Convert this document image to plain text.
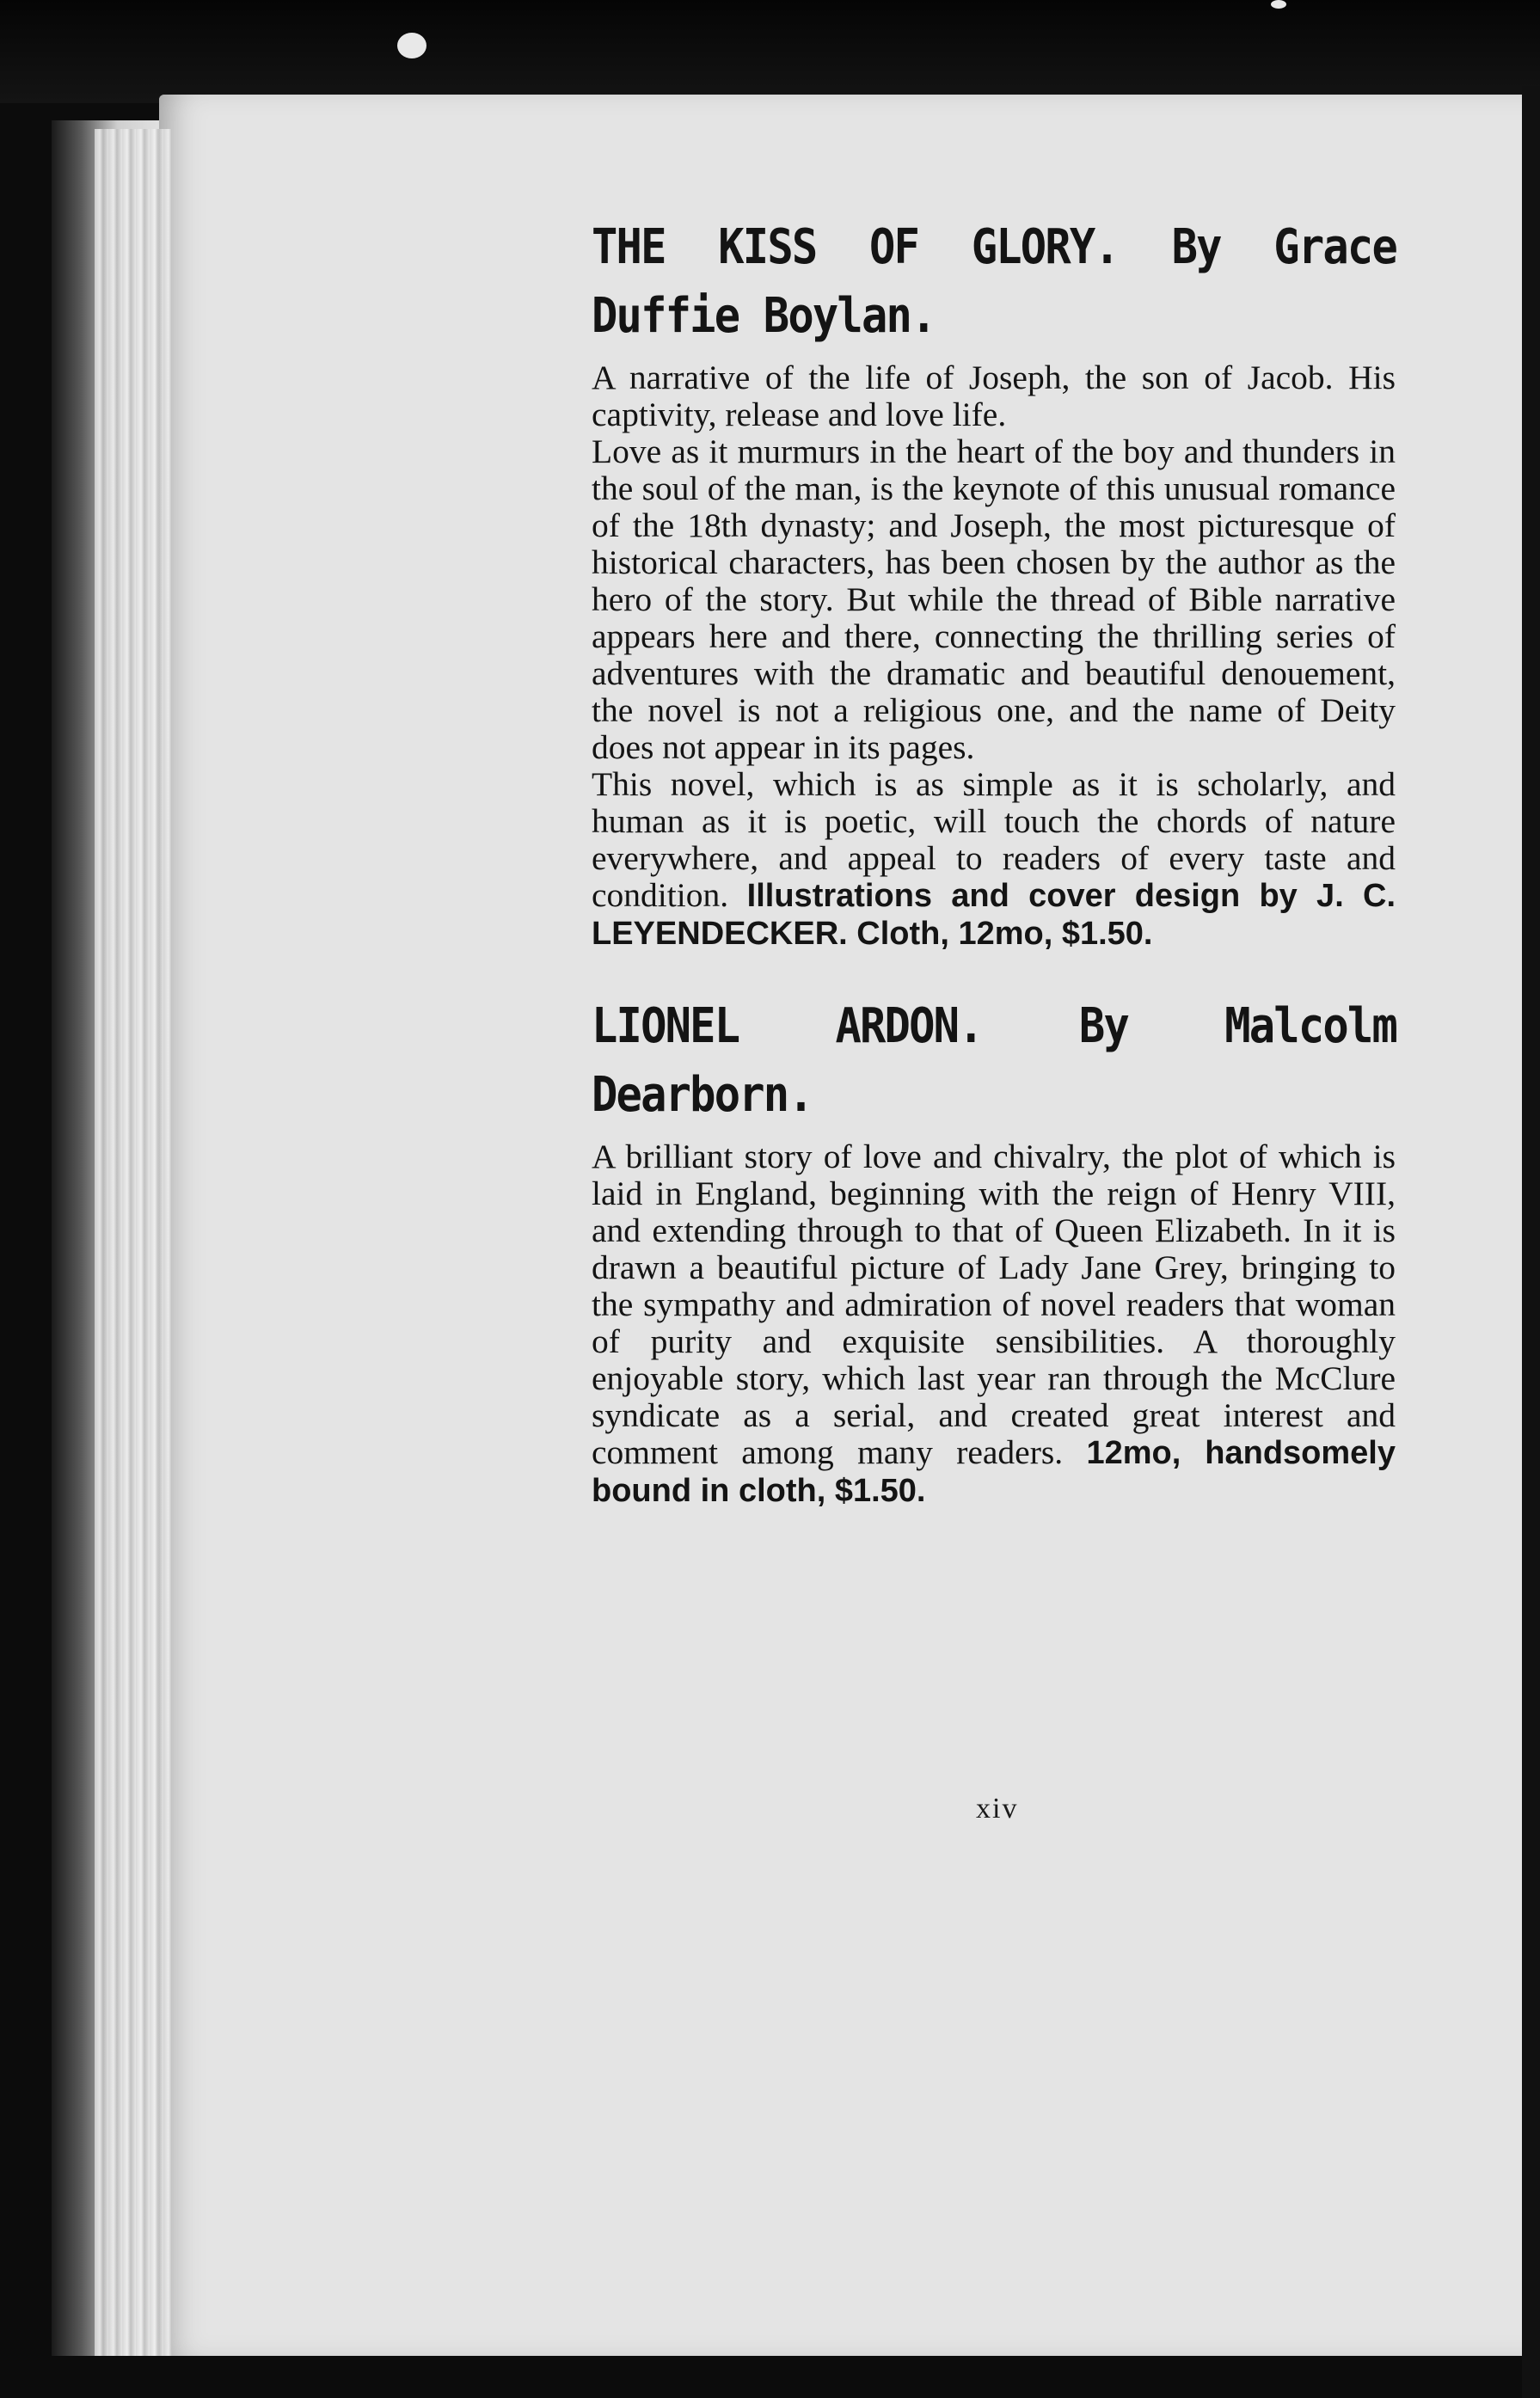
THE KISS OF GLORY. By Grace Duffie Boylan.

A narrative of the life of Joseph, the son of Jacob. His captivity, release and love life.

Love as it murmurs in the heart of the boy and thunders in the soul of the man, is the keynote of this unusual romance of the 18th dynasty; and Joseph, the most picturesque of historical characters, has been chosen by the author as the hero of the story. But while the thread of Bible narrative appears here and there, connecting the thrilling series of adventures with the dramatic and beautiful denouement, the novel is not a religious one, and the name of Deity does not appear in its pages.

This novel, which is as simple as it is scholarly, and human as it is poetic, will touch the chords of nature everywhere, and appeal to readers of every taste and condition. Illustrations and cover design by J. C. LEYENDECKER. Cloth, 12mo, $1.50.

LIONEL ARDON. By Malcolm Dearborn.

A brilliant story of love and chivalry, the plot of which is laid in England, beginning with the reign of Henry VIII, and extending through to that of Queen Elizabeth. In it is drawn a beautiful picture of Lady Jane Grey, bringing to the sympathy and admiration of novel readers that woman of purity and exquisite sensibilities. A thoroughly enjoyable story, which last year ran through the McClure syndicate as a serial, and created great interest and comment among many readers. 12mo, handsomely bound in cloth, $1.50.

xiv
